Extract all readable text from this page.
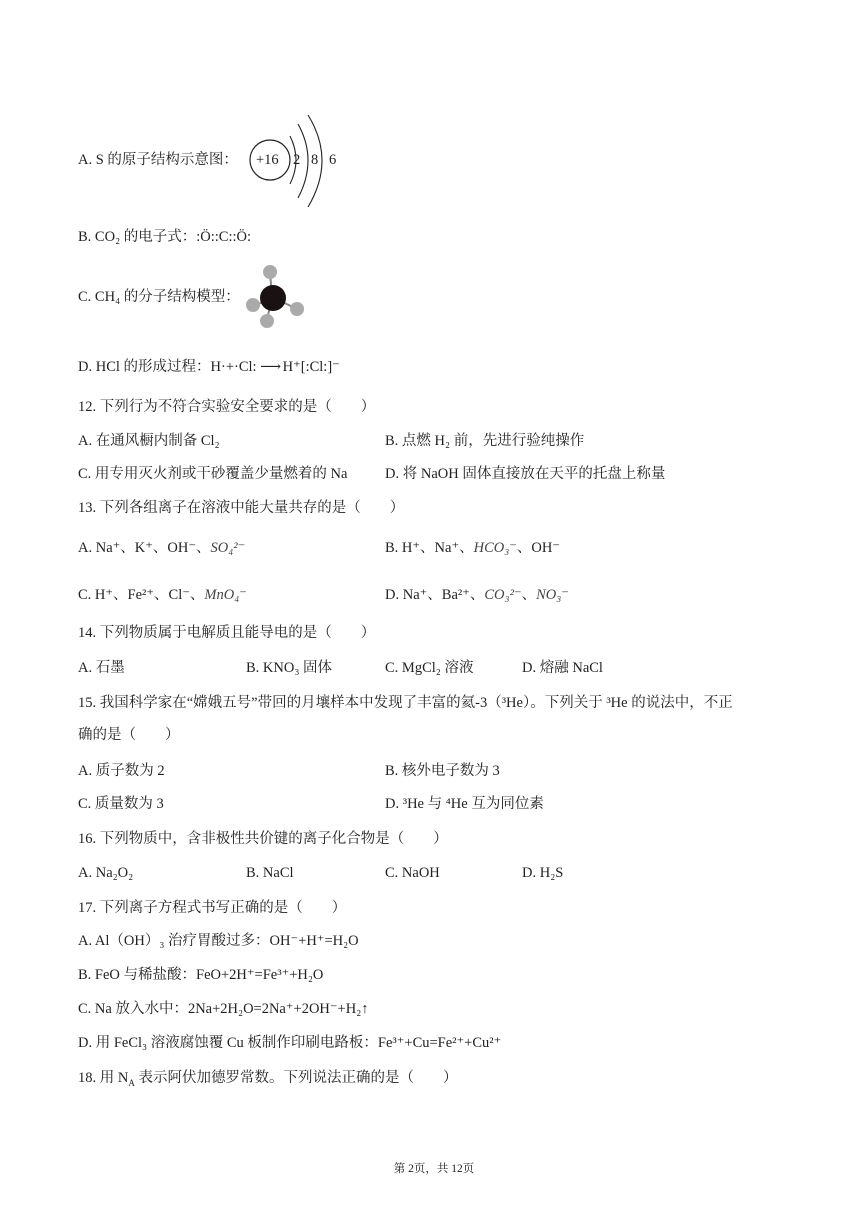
A. S 的原子结构示意图： +16 2 8 6
B. CO₂ 的电子式：:Ö::C::Ö:
C. CH₄ 的分子结构模型：
D. HCl 的形成过程：H·+·Cl: ⟶ H⁺[:Cl:]⁻
12. 下列行为不符合实验安全要求的是（　　）
A. 在通风橱内制备 Cl₂	B. 点燃 H₂ 前，先进行验纯操作
C. 用专用灭火剂或干砂覆盖少量燃着的 Na	D. 将 NaOH 固体直接放在天平的托盘上称量
13. 下列各组离子在溶液中能大量共存的是（　　）
A. Na⁺、K⁺、OH⁻、SO₄²⁻	B. H⁺、Na⁺、HCO₃⁻、OH⁻
C. H⁺、Fe²⁺、Cl⁻、MnO₄⁻	D. Na⁺、Ba²⁺、CO₃²⁻、NO₃⁻
14. 下列物质属于电解质且能导电的是（　　）
A. 石墨	B. KNO₃ 固体	C. MgCl₂ 溶液	D. 熔融 NaCl
15. 我国科学家在“嫦娥五号”带回的月壤样本中发现了丰富的氦-3（³He）。下列关于 ³He 的说法中，不正
确的是（　　）
A. 质子数为 2	B. 核外电子数为 3
C. 质量数为 3	D. ³He 与 ⁴He 互为同位素
16. 下列物质中，含非极性共价键的离子化合物是（　　）
A. Na₂O₂	B. NaCl	C. NaOH	D. H₂S
17. 下列离子方程式书写正确的是（　　）
A. Al（OH）₃ 治疗胃酸过多：OH⁻+H⁺=H₂O
B. FeO 与稀盐酸：FeO+2H⁺=Fe³⁺+H₂O
C. Na 放入水中：2Na+2H₂O=2Na⁺+2OH⁻+H₂↑
D. 用 FeCl₃ 溶液腐蚀覆 Cu 板制作印刷电路板：Fe³⁺+Cu=Fe²⁺+Cu²⁺
18. 用 $N_A$ 表示阿伏加德罗常数。下列说法正确的是（　　）
第 2页，共 12页
